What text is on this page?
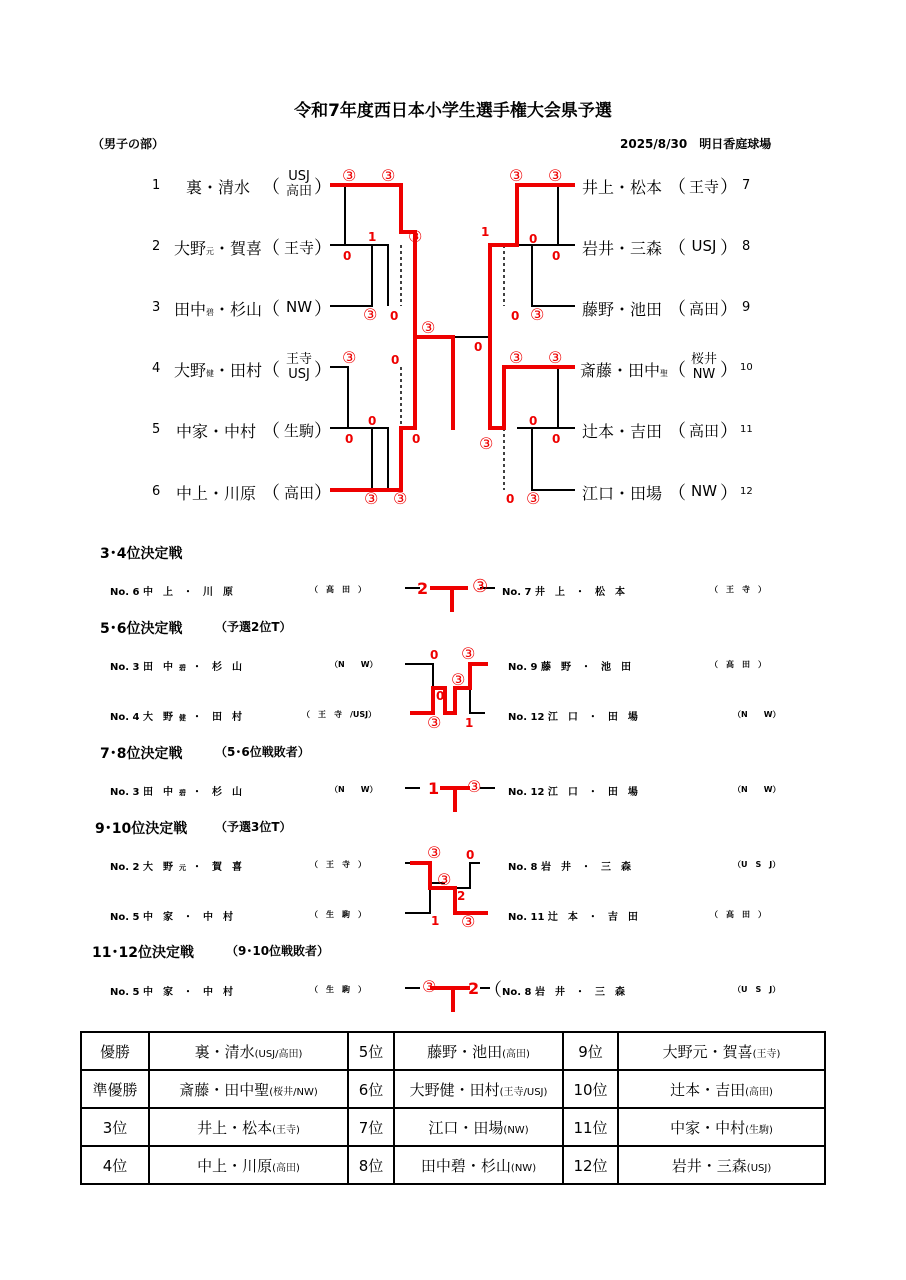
令和7年度西日本小学生選手権大会県予選
（男子の部）	2025/8/30　明日香庭球場
1 裏・清水 （
USJ
高田 ）
2 大野元・賀喜 （ 王寺 ）
3 田中碧・杉山 （ NW ）
4 大野健・田村 （
王寺
USJ ）
5 中家・中村 （ 生駒 ）
6 中上・川原 （ 高田 ）
井上・松本 （ 王寺 ） 7
岩井・三森 （ USJ ） 8
藤野・池田 （ 高田 ） 9
斎藤・田中聖 （
桜井
NW ） 10
辻本・吉田 （ 高田 ） 11
江口・田場 （ NW ） 12
③ ③
0
1
③ 0
③
③
③	0
0
0
0
③ ③
③ ③
1	0
0
0 ③
0
③ ③
0
0
③
0 ③
3･4位決定戦
No. 6 中　上　・　川　原	（　高　田　）	2 ③ No. 7 井　上　・　松　本	（　王　寺　）
5･6位決定戦	（予選2位T）
No. 3 田　中 碧 ・　杉　山	（N　　W）
No. 4 大　野 健 ・　田　村	（　王　寺　/USJ）
No. 9 藤　野　・　池　田	（　高　田　）
No. 12 江　口　・　田　場	（N　　W）
0 ③
③
0
③ 1
7･8位決定戦	（5･6位戦敗者）
No. 3 田　中 碧 ・　杉　山	（N　　W）	1 ③	No. 12 江　口　・　田　場	（N　　W）
9･10位決定戦 （予選3位T）
No. 2 大　野 元 ・　賀　喜	（　王　寺　）
No. 5 中　家　・　中　村	（　生　駒　）
No. 8 岩　井　・　三　森	（U　S　J）
No. 11 辻　本　・　吉　田	（　高　田　）
③ 0
③
2
1 ③
11･12位決定戦	（9･10位戦敗者）
No. 5 中　家　・　中　村	（　生　駒　）	③ 2 （ No. 8 岩　井　・　三　森	（U　S　J）
優勝	裏・清水(USJ/高田)	5位	藤野・池田(高田)	9位	大野元・賀喜(王寺)
準優勝	斎藤・田中聖(桜井/NW)	6位	大野健・田村(王寺/USJ)	10位	辻本・吉田(高田)
3位	井上・松本(王寺)	7位	江口・田場(NW)	11位	中家・中村(生駒)
4位	中上・川原(高田)	8位	田中碧・杉山(NW)	12位	岩井・三森(USJ)
